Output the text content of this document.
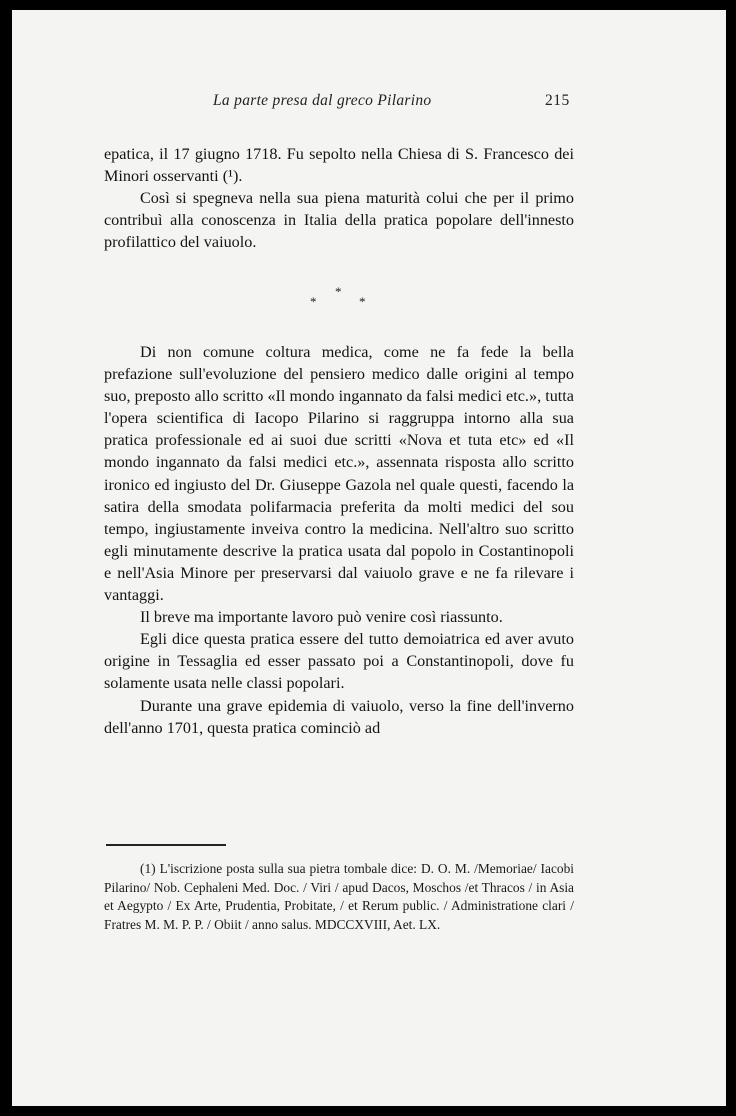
La parte presa dal greco Pilarino	215

epatica, il 17 giugno 1718. Fu sepolto nella Chiesa di S. Francesco dei Minori osservanti (¹).

Così si spegneva nella sua piena maturità colui che per il primo contribuì alla conoscenza in Italia della pratica popolare dell'innesto profilattico del vaiuolo.

*
*	*

Di non comune coltura medica, come ne fa fede la bella prefazione sull'evoluzione del pensiero medico dalle origini al tempo suo, preposto allo scritto «Il mondo ingannato da falsi medici etc.», tutta l'opera scientifica di Iacopo Pilarino si raggruppa intorno alla sua pratica professionale ed ai suoi due scritti «Nova et tuta etc» ed «Il mondo ingannato da falsi medici etc.», assennata risposta allo scritto ironico ed ingiusto del Dr. Giuseppe Gazola nel quale questi, facendo la satira della smodata polifarmacia preferita da molti medici del sou tempo, ingiustamente inveiva contro la medicina. Nell'altro suo scritto egli minutamente descrive la pratica usata dal popolo in Costantinopoli e nell'Asia Minore per preservarsi dal vaiuolo grave e ne fa rilevare i vantaggi.

Il breve ma importante lavoro può venire così riassunto.

Egli dice questa pratica essere del tutto demoiatrica ed aver avuto origine in Tessaglia ed esser passato poi a Constantinopoli, dove fu solamente usata nelle classi popolari.

Durante una grave epidemia di vaiuolo, verso la fine dell'inverno dell'anno 1701, questa pratica cominciò ad

(1) L'iscrizione posta sulla sua pietra tombale dice: D. O. M. /Memoriae/ Iacobi Pilarino/ Nob. Cephaleni Med. Doc. / Viri / apud Dacos, Moschos /et Thracos / in Asia et Aegypto / Ex Arte, Prudentia, Probitate, / et Rerum public. / Administratione clari / Fratres M. M. P. P. / Obiit / anno salus. MDCCXVIII, Aet. LX.
